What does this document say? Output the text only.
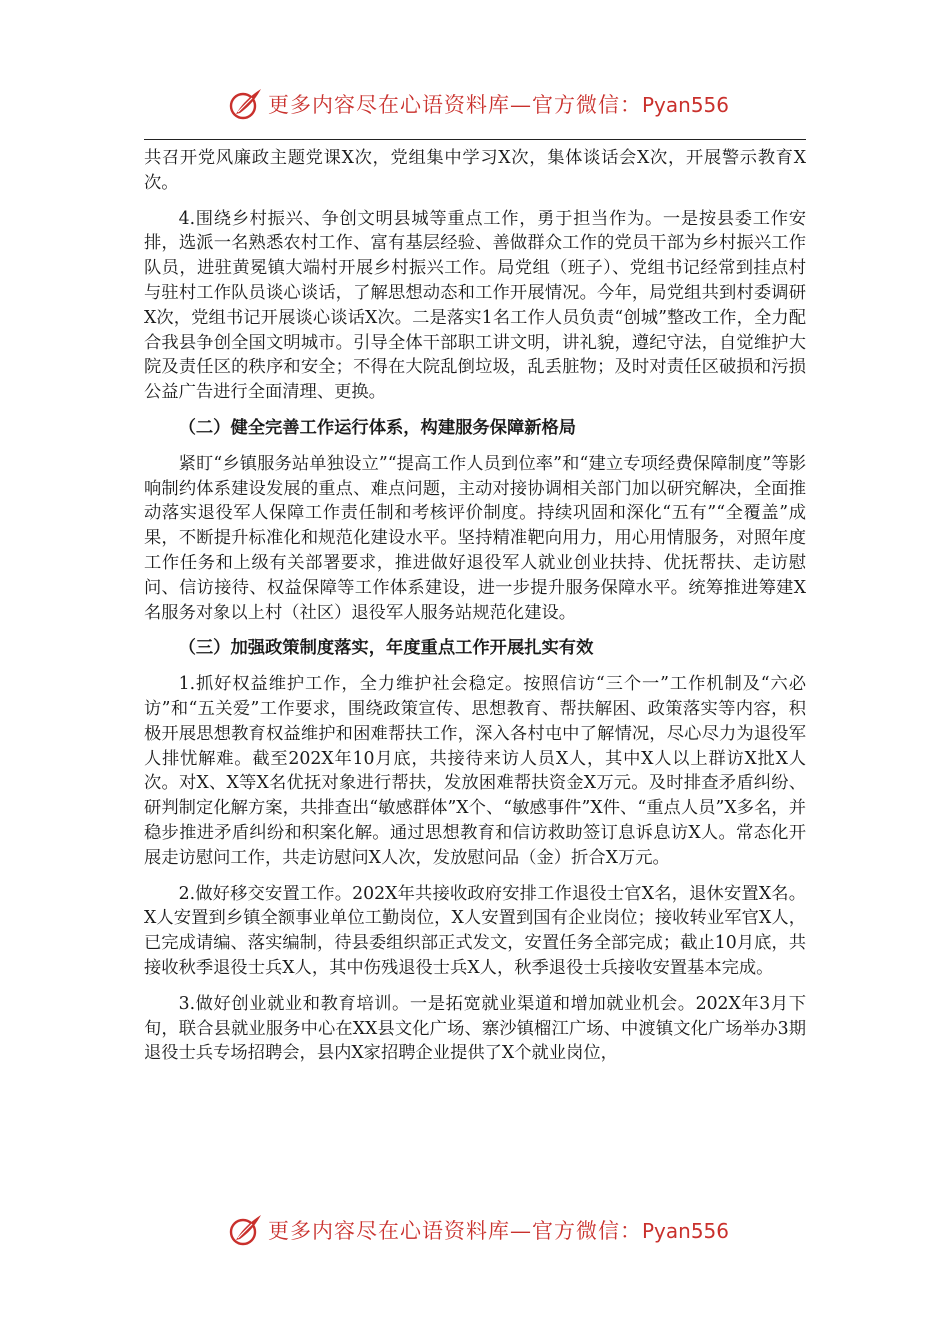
更多内容尽在心语资料库—官方微信：Pyan556

共召开党风廉政主题党课X次，党组集中学习X次，集体谈话会X次，开展警示教育X次。

4.围绕乡村振兴、争创文明县城等重点工作，勇于担当作为。一是按县委工作安排，选派一名熟悉农村工作、富有基层经验、善做群众工作的党员干部为乡村振兴工作队员，进驻黄冕镇大端村开展乡村振兴工作。局党组（班子）、党组书记经常到挂点村与驻村工作队员谈心谈话，了解思想动态和工作开展情况。今年，局党组共到村委调研X次，党组书记开展谈心谈话X次。二是落实1名工作人员负责“创城”整改工作，全力配合我县争创全国文明城市。引导全体干部职工讲文明，讲礼貌，遵纪守法，自觉维护大院及责任区的秩序和安全；不得在大院乱倒垃圾，乱丢脏物；及时对责任区破损和污损公益广告进行全面清理、更换。

（二）健全完善工作运行体系，构建服务保障新格局

紧盯“乡镇服务站单独设立”“提高工作人员到位率”和“建立专项经费保障制度”等影响制约体系建设发展的重点、难点问题，主动对接协调相关部门加以研究解决，全面推动落实退役军人保障工作责任制和考核评价制度。持续巩固和深化“五有”“全覆盖”成果，不断提升标准化和规范化建设水平。坚持精准靶向用力，用心用情服务，对照年度工作任务和上级有关部署要求，推进做好退役军人就业创业扶持、优抚帮扶、走访慰问、信访接待、权益保障等工作体系建设，进一步提升服务保障水平。统筹推进筹建X名服务对象以上村（社区）退役军人服务站规范化建设。

（三）加强政策制度落实，年度重点工作开展扎实有效

1.抓好权益维护工作，全力维护社会稳定。按照信访“三个一”工作机制及“六必访”和“五关爱”工作要求，围绕政策宣传、思想教育、帮扶解困、政策落实等内容，积极开展思想教育权益维护和困难帮扶工作，深入各村屯中了解情况，尽心尽力为退役军人排忧解难。截至202X年10月底，共接待来访人员X人，其中X人以上群访X批X人次。对X、X等X名优抚对象进行帮扶，发放困难帮扶资金X万元。及时排查矛盾纠纷、研判制定化解方案，共排查出“敏感群体”X个、“敏感事件”X件、“重点人员”X多名，并稳步推进矛盾纠纷和积案化解。通过思想教育和信访救助签订息诉息访X人。常态化开展走访慰问工作，共走访慰问X人次，发放慰问品（金）折合X万元。

2.做好移交安置工作。202X年共接收政府安排工作退役士官X名，退休安置X名。X人安置到乡镇全额事业单位工勤岗位，X人安置到国有企业岗位；接收转业军官X人，已完成请编、落实编制，待县委组织部正式发文，安置任务全部完成；截止10月底，共接收秋季退役士兵X人，其中伤残退役士兵X人，秋季退役士兵接收安置基本完成。

3.做好创业就业和教育培训。一是拓宽就业渠道和增加就业机会。202X年3月下旬，联合县就业服务中心在XX县文化广场、寨沙镇榴江广场、中渡镇文化广场举办3期退役士兵专场招聘会，县内X家招聘企业提供了X个就业岗位，

更多内容尽在心语资料库—官方微信：Pyan556
